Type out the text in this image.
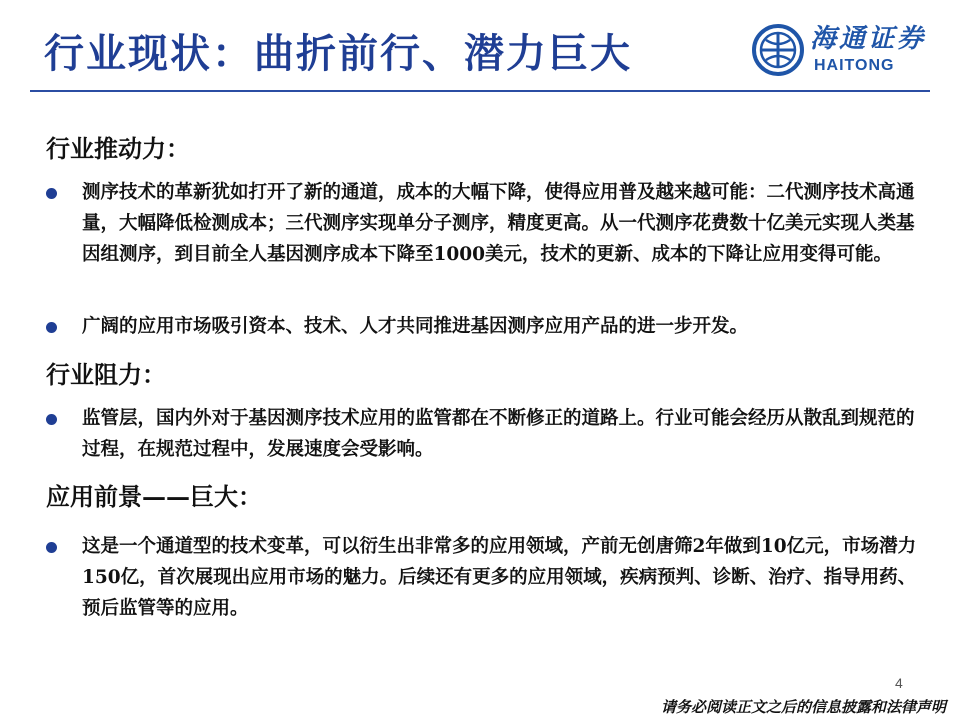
行业现状：曲折前行、潜力巨大	海通证券
HAITONG
行业推动力：
测序技术的革新犹如打开了新的通道，成本的大幅下降，使得应用普及越来越可能：二代测序技术高通量，大幅降低检测成本；三代测序实现单分子测序，精度更高。从一代测序花费数十亿美元实现人类基因组测序，到目前全人基因测序成本下降至1000美元，技术的更新、成本的下降让应用变得可能。
广阔的应用市场吸引资本、技术、人才共同推进基因测序应用产品的进一步开发。
行业阻力：
监管层，国内外对于基因测序技术应用的监管都在不断修正的道路上。行业可能会经历从散乱到规范的过程，在规范过程中，发展速度会受影响。
应用前景——巨大：
这是一个通道型的技术变革，可以衍生出非常多的应用领域，产前无创唐筛2年做到10亿元，市场潜力150亿，首次展现出应用市场的魅力。后续还有更多的应用领域，疾病预判、诊断、治疗、指导用药、预后监管等的应用。
4
请务必阅读正文之后的信息披露和法律声明
